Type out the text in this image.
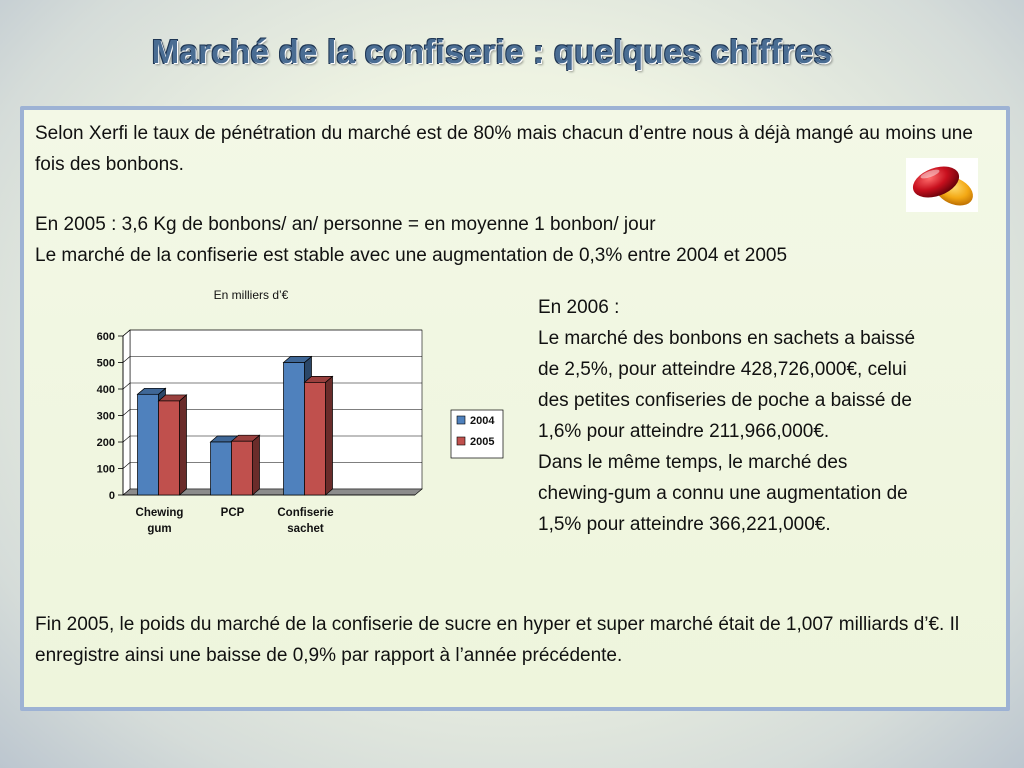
Marché de la confiserie : quelques chiffres
Selon Xerfi le taux de pénétration du marché est de 80% mais chacun d’entre nous à déjà mangé au moins une fois des bonbons.
En 2005 : 3,6 Kg de bonbons/ an/ personne = en moyenne 1 bonbon/ jour
Le marché de la confiserie est stable avec une augmentation de 0,3% entre 2004 et 2005
En milliers d’€
0
100
200
300
400
500
600
Chewing
gum
PCP	Confiserie
sachet
2004
2005
En 2006 :
Le marché des bonbons en sachets a baissé
de 2,5%, pour atteindre 428,726,000€, celui
des petites confiseries de poche a baissé de
1,6% pour atteindre 211,966,000€.
Dans le même temps, le marché des
chewing-gum a connu une augmentation de
1,5% pour atteindre 366,221,000€.
Fin 2005, le poids du marché de la confiserie de sucre en hyper et super marché était de 1,007 milliards d’€. Il enregistre ainsi une baisse de 0,9% par rapport à l’année précédente.
